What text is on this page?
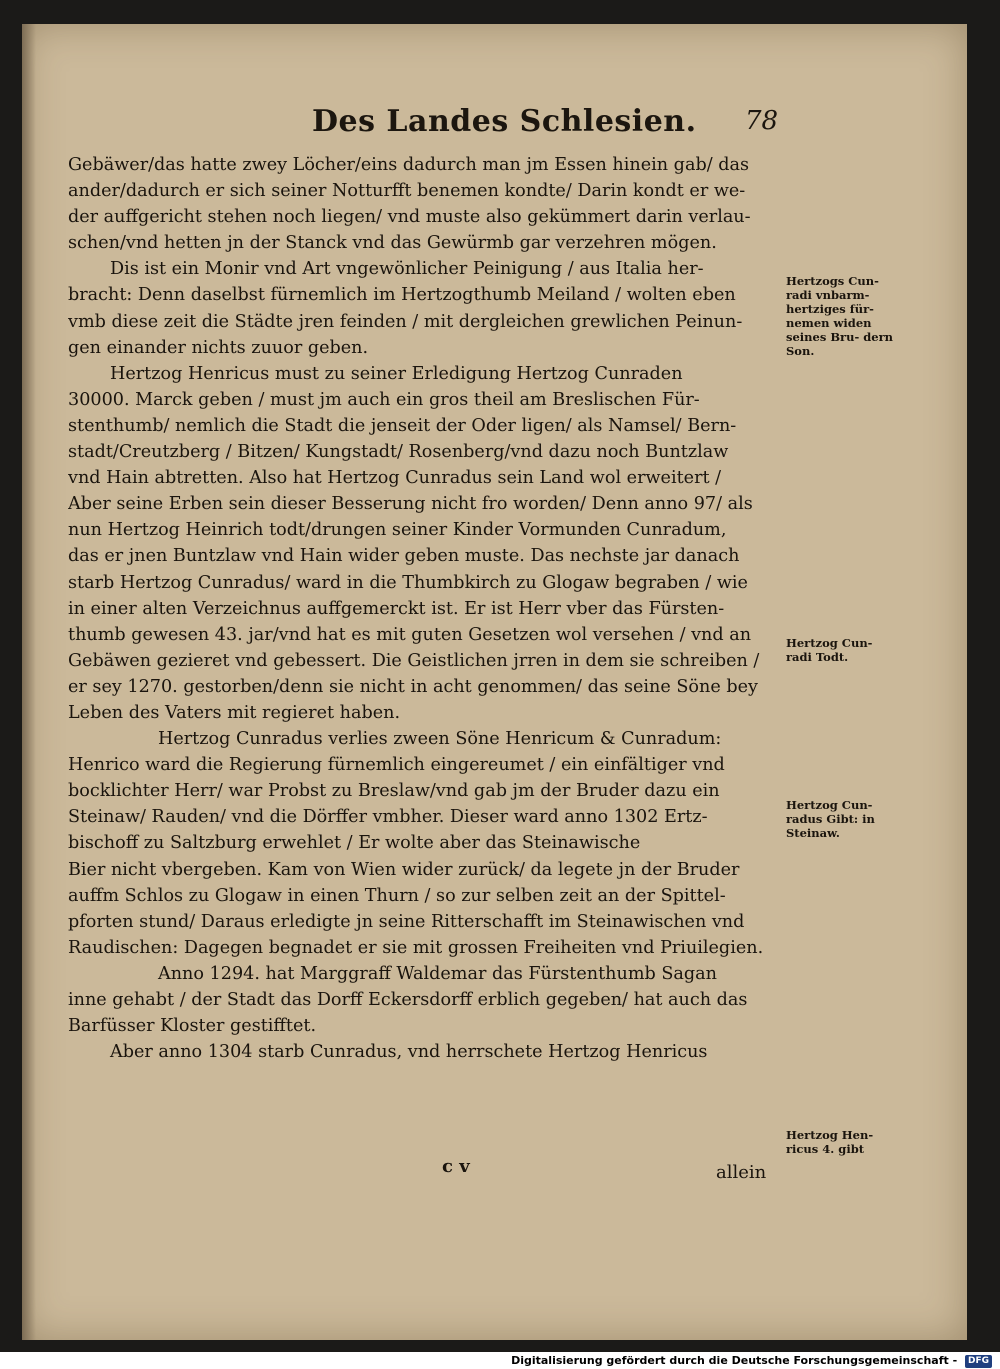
Des Landes Schlesien. 78
Gebäwer/das hatte zwey Löcher/eins dadurch man jm Essen hinein gab/ das
ander/dadurch er sich seiner Notturfft benemen kondte/ Darin kondt er we-
der auffgericht stehen noch liegen/ vnd muste also gekümmert darin verlau-
schen/vnd hetten jn der Stanck vnd das Gewürmb gar verzehren mögen.
Dis ist ein Monir vnd Art vngewönlicher Peinigung / aus Italia her-
bracht: Denn daselbst fürnemlich im Hertzogthumb Meiland / wolten eben
vmb diese zeit die Städte jren feinden / mit dergleichen grewlichen Peinun-
gen einander nichts zuuor geben.
Hertzog Henricus must zu seiner Erledigung Hertzog Cunraden
30000. Marck geben / must jm auch ein gros theil am Breslischen Für-
stenthumb/ nemlich die Stadt die jenseit der Oder ligen/ als Namsel/ Bern-
stadt/Creutzberg / Bitzen/ Kungstadt/ Rosenberg/vnd dazu noch Buntzlaw
vnd Hain abtretten. Also hat Hertzog Cunradus sein Land wol erweitert /
Aber seine Erben sein dieser Besserung nicht fro worden/ Denn anno 97/ als
nun Hertzog Heinrich todt/drungen seiner Kinder Vormunden Cunradum,
das er jnen Buntzlaw vnd Hain wider geben muste. Das nechste jar danach
starb Hertzog Cunradus/ ward in die Thumbkirch zu Glogaw begraben / wie
in einer alten Verzeichnus auffgemerckt ist. Er ist Herr vber das Fürsten-
thumb gewesen 43. jar/vnd hat es mit guten Gesetzen wol versehen / vnd an
Gebäwen gezieret vnd gebessert. Die Geistlichen jrren in dem sie schreiben /
er sey 1270. gestorben/denn sie nicht in acht genommen/ das seine Söne bey
Leben des Vaters mit regieret haben.
Hertzog Cunradus verlies zween Söne Henricum & Cunradum:
Henrico ward die Regierung fürnemlich eingereumet / ein einfältiger vnd
bocklichter Herr/ war Probst zu Breslaw/vnd gab jm der Bruder dazu ein
Steinaw/ Rauden/ vnd die Dörffer vmbher. Dieser ward anno 1302 Ertz-
bischoff zu Saltzburg erwehlet / Er wolte aber das Steinawische
Bier nicht vbergeben. Kam von Wien wider zurück/ da legete jn der Bruder
auffm Schlos zu Glogaw in einen Thurn / so zur selben zeit an der Spittel-
pforten stund/ Daraus erledigte jn seine Ritterschafft im Steinawischen vnd
Raudischen: Dagegen begnadet er sie mit grossen Freiheiten vnd Priuilegien.
Anno 1294. hat Marggraff Waldemar das Fürstenthumb Sagan
inne gehabt / der Stadt das Dorff Eckersdorff erblich gegeben/ hat auch das
Barfüsser Kloster gestifftet.
Aber anno 1304 starb Cunradus, vnd herrschete Hertzog Henricus
Hertzogs Cun- radi vnbarm- hertziges für- nemen widen seines Bru- dern Son.
Hertzog Cun- radi Todt.
Hertzog Cun- radus Gibt: in Steinaw.
Hertzog Hen- ricus 4. gibt
c v	allein
Digitalisierung gefördert durch die Deutsche Forschungsgemeinschaft - DFG
